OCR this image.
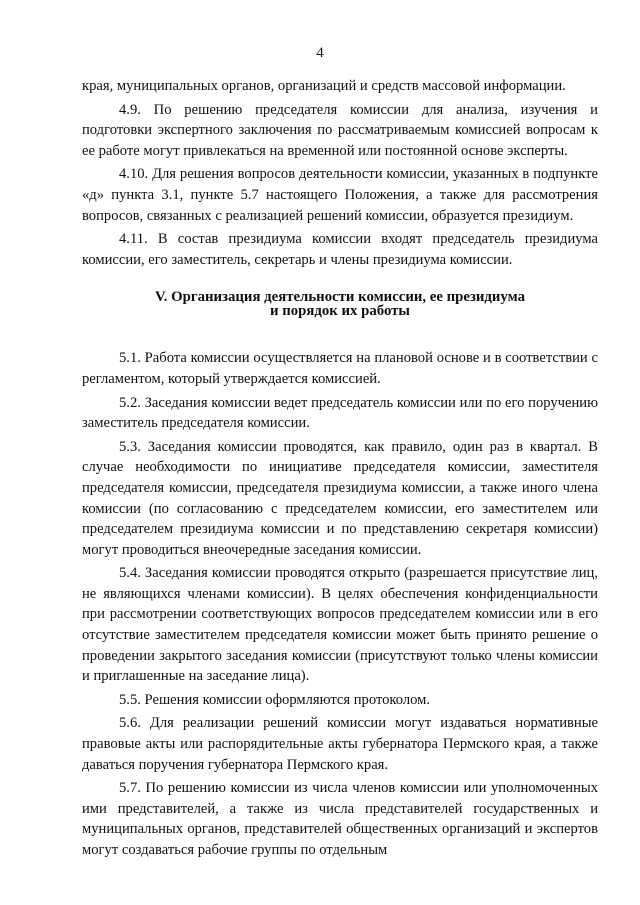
4

края, муниципальных органов, организаций и средств массовой информации.

4.9. По решению председателя комиссии для анализа, изучения и подготовки экспертного заключения по рассматриваемым комиссией вопросам к ее работе могут привлекаться на временной или постоянной основе эксперты.

4.10. Для решения вопросов деятельности комиссии, указанных в подпункте «д» пункта 3.1, пункте 5.7 настоящего Положения, а также для рассмотрения вопросов, связанных с реализацией решений комиссии, образуется президиум.

4.11. В состав президиума комиссии входят председатель президиума комиссии, его заместитель, секретарь и члены президиума комиссии.

V. Организация деятельности комиссии, ее президиума
и порядок их работы

5.1. Работа комиссии осуществляется на плановой основе и в соответствии с регламентом, который утверждается комиссией.

5.2. Заседания комиссии ведет председатель комиссии или по его поручению заместитель председателя комиссии.

5.3. Заседания комиссии проводятся, как правило, один раз в квартал. В случае необходимости по инициативе председателя комиссии, заместителя председателя комиссии, председателя президиума комиссии, а также иного члена комиссии (по согласованию с председателем комиссии, его заместителем или председателем президиума комиссии и по представлению секретаря комиссии) могут проводиться внеочередные заседания комиссии.

5.4. Заседания комиссии проводятся открыто (разрешается присутствие лиц, не являющихся членами комиссии). В целях обеспечения конфиденциальности при рассмотрении соответствующих вопросов председателем комиссии или в его отсутствие заместителем председателя комиссии может быть принято решение о проведении закрытого заседания комиссии (присутствуют только члены комиссии и приглашенные на заседание лица).

5.5. Решения комиссии оформляются протоколом.

5.6. Для реализации решений комиссии могут издаваться нормативные правовые акты или распорядительные акты губернатора Пермского края, а также даваться поручения губернатора Пермского края.

5.7. По решению комиссии из числа членов комиссии или уполномоченных ими представителей, а также из числа представителей государственных и муниципальных органов, представителей общественных организаций и экспертов могут создаваться рабочие группы по отдельным
